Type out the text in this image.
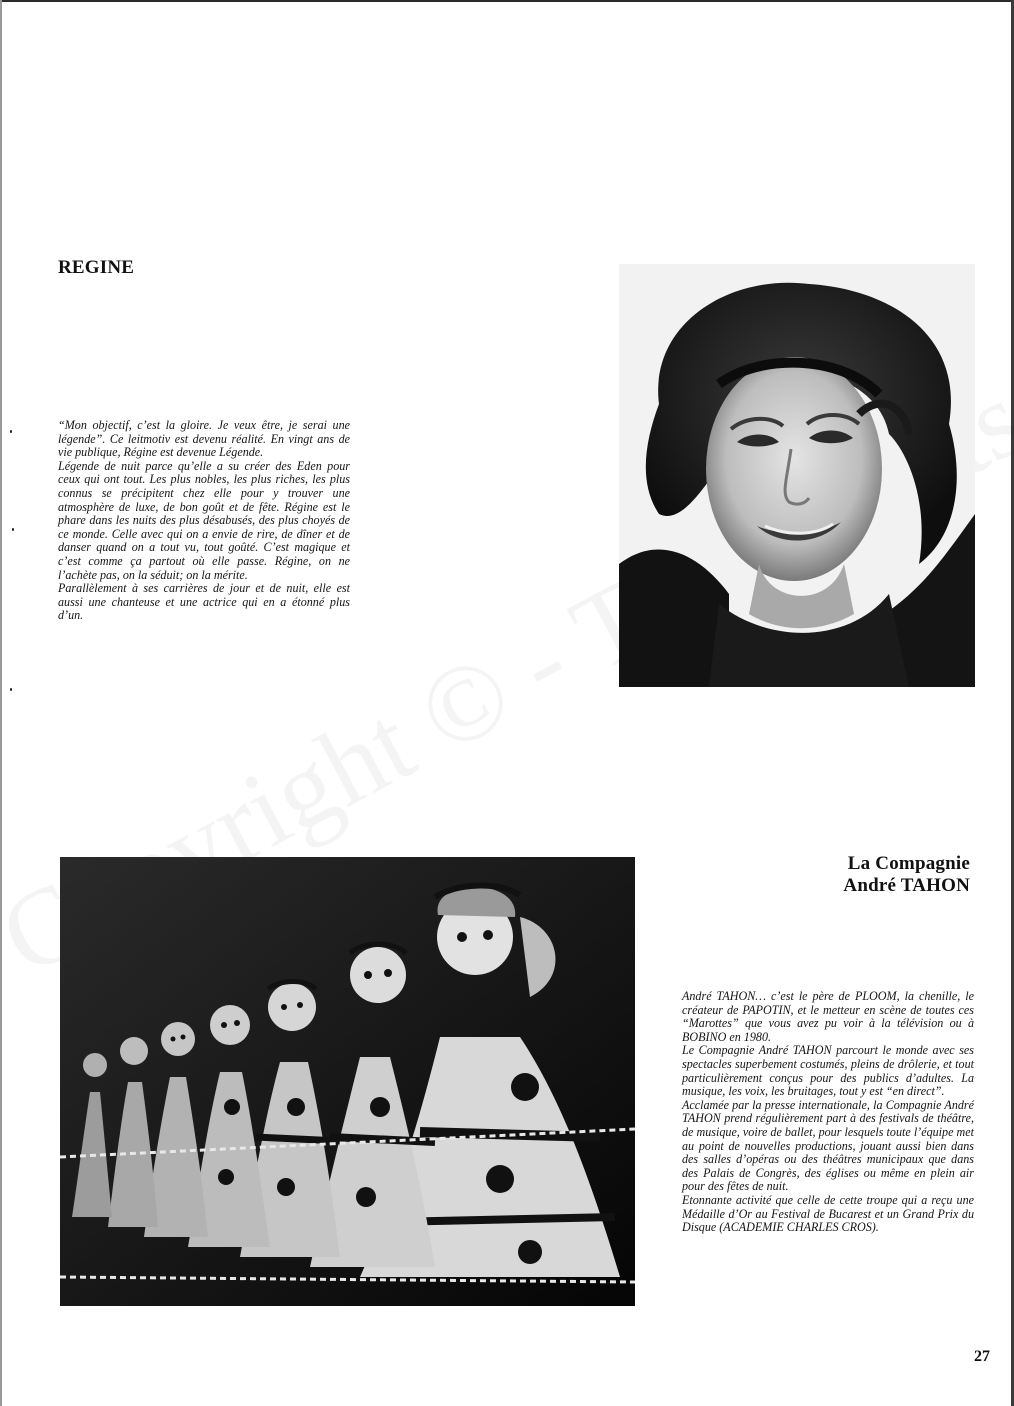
REGINE

“Mon objectif, c’est la gloire. Je veux être, je serai une légende”. Ce leitmotiv est devenu réalité. En vingt ans de vie publique, Régine est devenue Légende.

Légende de nuit parce qu’elle a su créer des Eden pour ceux qui ont tout. Les plus nobles, les plus riches, les plus connus se précipitent chez elle pour y trouver une atmosphère de luxe, de bon goût et de fête. Régine est le phare dans les nuits des plus désabusés, des plus choyés de ce monde. Celle avec qui on a envie de rire, de dîner et de danser quand on a tout vu, tout goûté. C’est magique et c’est comme ça partout où elle passe. Régine, on ne l’achète pas, on la séduit; on la mérite.

Parallèlement à ses carrières de jour et de nuit, elle est aussi une chanteuse et une actrice qui en a étonné plus d’un.

La Compagnie
André TAHON

André TAHON… c’est le père de PLOOM, la chenille, le créateur de PAPOTIN, et le metteur en scène de toutes ces “Marottes” que vous avez pu voir à la télévision ou à BOBINO en 1980.

Le Compagnie André TAHON parcourt le monde avec ses spectacles superbement costumés, pleins de drôlerie, et tout particulièrement conçus pour des publics d’adultes. La musique, les voix, les bruitages, tout y est “en direct”.

Acclamée par la presse internationale, la Compagnie André TAHON prend régulièrement part à des festivals de théâtre, de musique, voire de ballet, pour lesquels toute l’équipe met au point de nouvelles productions, jouant aussi bien dans des salles d’opéras ou des théâtres municipaux que dans des Palais de Congrès, des églises ou même en plein air pour des fêtes de nuit.

Etonnante activité que celle de cette troupe qui a reçu une Médaille d’Or au Festival de Bucarest et un Grand Prix du Disque (ACADEMIE CHARLES CROS).

27
